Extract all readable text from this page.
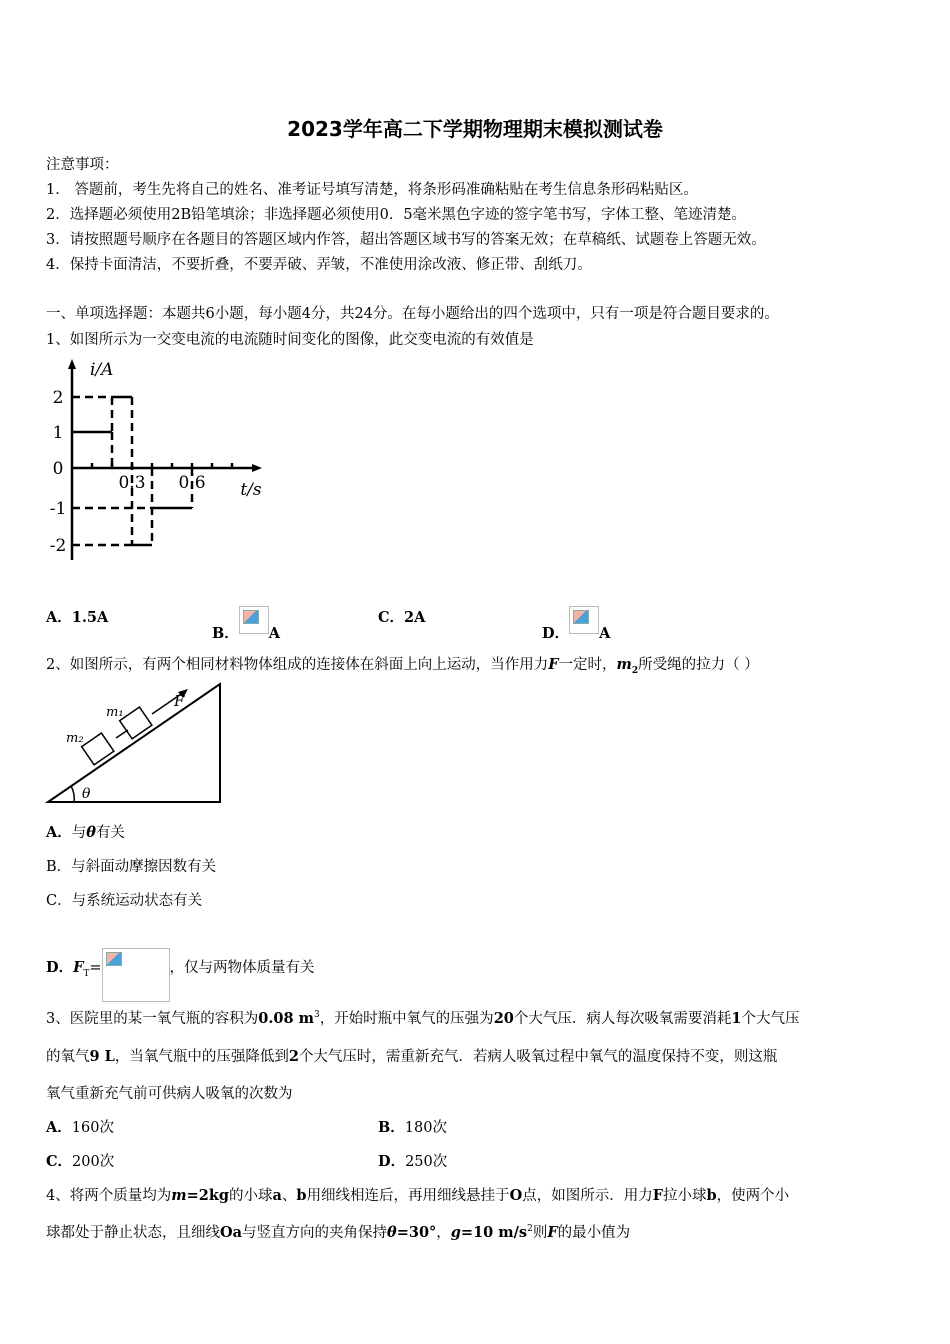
2023学年高二下学期物理期末模拟测试卷
注意事项：
1． 答题前，考生先将自己的姓名、准考证号填写清楚，将条形码准确粘贴在考生信息条形码粘贴区。
2．选择题必须使用2B铅笔填涂；非选择题必须使用0．5毫米黑色字迹的签字笔书写，字体工整、笔迹清楚。
3．请按照题号顺序在各题目的答题区域内作答，超出答题区域书写的答案无效；在草稿纸、试题卷上答题无效。
4．保持卡面清洁，不要折叠，不要弄破、弄皱，不准使用涂改液、修正带、刮纸刀。
一、单项选择题：本题共6小题，每小题4分，共24分。在每小题给出的四个选项中，只有一项是符合题目要求的。
1、如图所示为一交变电流的电流随时间变化的图像，此交变电流的有效值是
i/A
2
1
0
-1
-2
0.3 0.6 t/s
A．1.5A
B． A
C．2A
D． A
2、如图所示，有两个相同材料物体组成的连接体在斜面上向上运动，当作用力F一定时，$m_2$所受绳的拉力（ ）
θ
m₁
m₂
F
A．与θ有关
B．与斜面动摩擦因数有关
C．与系统运动状态有关
D．$F_T=$	，仅与两物体质量有关
3、医院里的某一氧气瓶的容积为0.08 $m^3$，开始时瓶中氧气的压强为20个大气压．病人每次吸氧需要消耗1个大气压
的氧气9 L，当氧气瓶中的压强降低到2个大气压时，需重新充气．若病人吸氧过程中氧气的温度保持不变，则这瓶
氧气重新充气前可供病人吸氧的次数为
A．160次	B．180次
C．200次	D．250次
4、将两个质量均为m=2kg的小球a、b用细线相连后，再用细线悬挂于O点，如图所示．用力F拉小球b，使两个小
球都处于静止状态，且细线Oa与竖直方向的夹角保持θ=30°，g=10 $m/s^2$则F的最小值为
